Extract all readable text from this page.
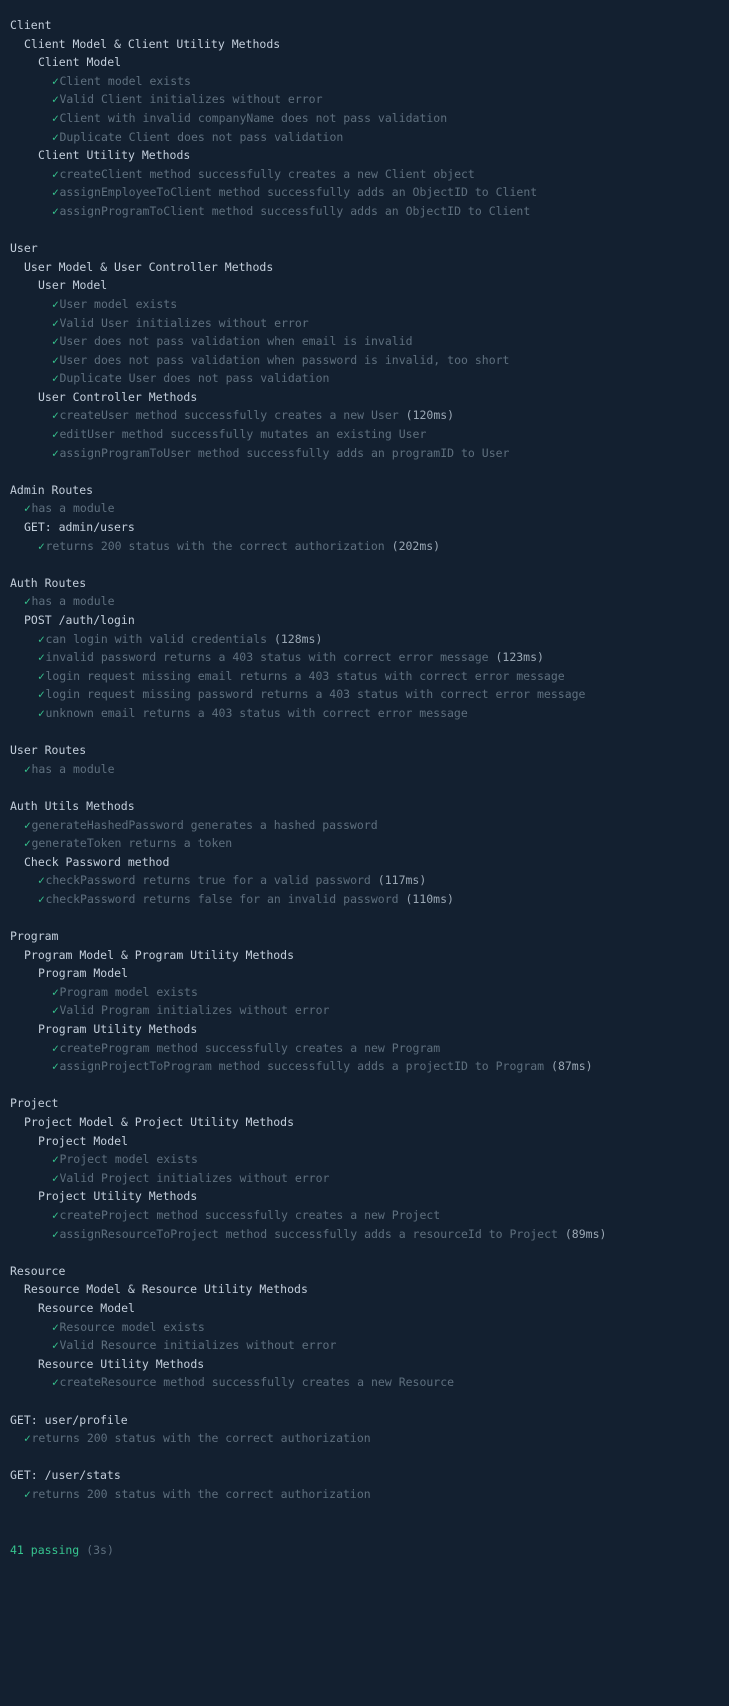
Client
Client Model & Client Utility Methods
Client Model
✓Client model exists
✓Valid Client initializes without error
✓Client with invalid companyName does not pass validation
✓Duplicate Client does not pass validation
Client Utility Methods
✓createClient method successfully creates a new Client object
✓assignEmployeeToClient method successfully adds an ObjectID to Client
✓assignProgramToClient method successfully adds an ObjectID to Client
User
User Model & User Controller Methods
User Model
✓User model exists
✓Valid User initializes without error
✓User does not pass validation when email is invalid
✓User does not pass validation when password is invalid, too short
✓Duplicate User does not pass validation
User Controller Methods
✓createUser method successfully creates a new User (120ms)
✓editUser method successfully mutates an existing User
✓assignProgramToUser method successfully adds an programID to User
Admin Routes
✓has a module
GET: admin/users
✓returns 200 status with the correct authorization (202ms)
Auth Routes
✓has a module
POST /auth/login
✓can login with valid credentials (128ms)
✓invalid password returns a 403 status with correct error message (123ms)
✓login request missing email returns a 403 status with correct error message
✓login request missing password returns a 403 status with correct error message
✓unknown email returns a 403 status with correct error message
User Routes
✓has a module
Auth Utils Methods
✓generateHashedPassword generates a hashed password
✓generateToken returns a token
Check Password method
✓checkPassword returns true for a valid password (117ms)
✓checkPassword returns false for an invalid password (110ms)
Program
Program Model & Program Utility Methods
Program Model
✓Program model exists
✓Valid Program initializes without error
Program Utility Methods
✓createProgram method successfully creates a new Program
✓assignProjectToProgram method successfully adds a projectID to Program (87ms)
Project
Project Model & Project Utility Methods
Project Model
✓Project model exists
✓Valid Project initializes without error
Project Utility Methods
✓createProject method successfully creates a new Project
✓assignResourceToProject method successfully adds a resourceId to Project (89ms)
Resource
Resource Model & Resource Utility Methods
Resource Model
✓Resource model exists
✓Valid Resource initializes without error
Resource Utility Methods
✓createResource method successfully creates a new Resource
GET: user/profile
✓returns 200 status with the correct authorization
GET: /user/stats
✓returns 200 status with the correct authorization
41 passing (3s)
